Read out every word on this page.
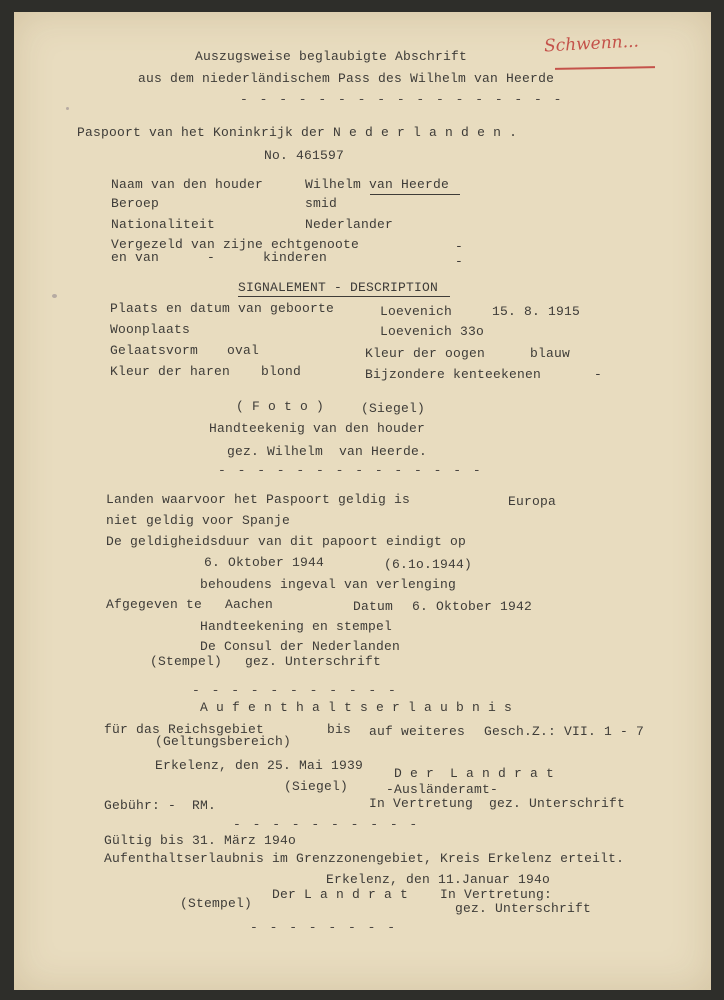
Auszugsweise beglaubigte Abschrift
aus dem niederländischem Pass des Wilhelm van Heerde
- - - - - - - - - - - - - - - - -
Schwenn...
Paspoort van het Koninkrijk der N e d e r l a n d e n .
No. 461597
Naam van den houder	Wilhelm van Heerde
Beroep	smid
Nationaliteit	Nederlander
Vergezeld van zijne echtgenoote	-
en van      -      kinderen	-
SIGNALEMENT - DESCRIPTION
Plaats en datum van geboorte	Loevenich	15. 8. 1915
Woonplaats	Loevenich 33o
Gelaatsvorm oval	Kleur der oogen	blauw
Kleur der haren blond	Bijzondere kenteekenen	-
( F o t o )	(Siegel)
Handteekenig van den houder
gez. Wilhelm  van Heerde.
- - - - - - - - - - - - - -
Landen waarvoor het Paspoort geldig is	Europa
niet geldig voor Spanje
De geldigheidsduur van dit papoort eindigt op
6. Oktober 1944	(6.1o.1944)
behoudens ingeval van verlenging
Afgegeven te Aachen	Datum 6. Oktober 1942
Handteekening en stempel
De Consul der Nederlanden
(Stempel) gez. Unterschrift
- - - - - - - - - - -
A u f e n t h a l t s e r l a u b n i s
für das Reichsgebiet	bis auf weiteres Gesch.Z.: VII. 1 - 7
(Geltungsbereich)
Erkelenz, den 25. Mai 1939
D e r  L a n d r a t
(Siegel)	-Ausländeramt-
Gebühr: -  RM.	In Vertretung  gez. Unterschrift
- - - - - - - - - -
Gültig bis 31. März 194o
Aufenthaltserlaubnis im Grenzzonengebiet, Kreis Erkelenz erteilt.
Erkelenz, den 11.Januar 194o
Der L a n d r a t In Vertretung:
(Stempel)	gez. Unterschrift
- - - - - - - -
